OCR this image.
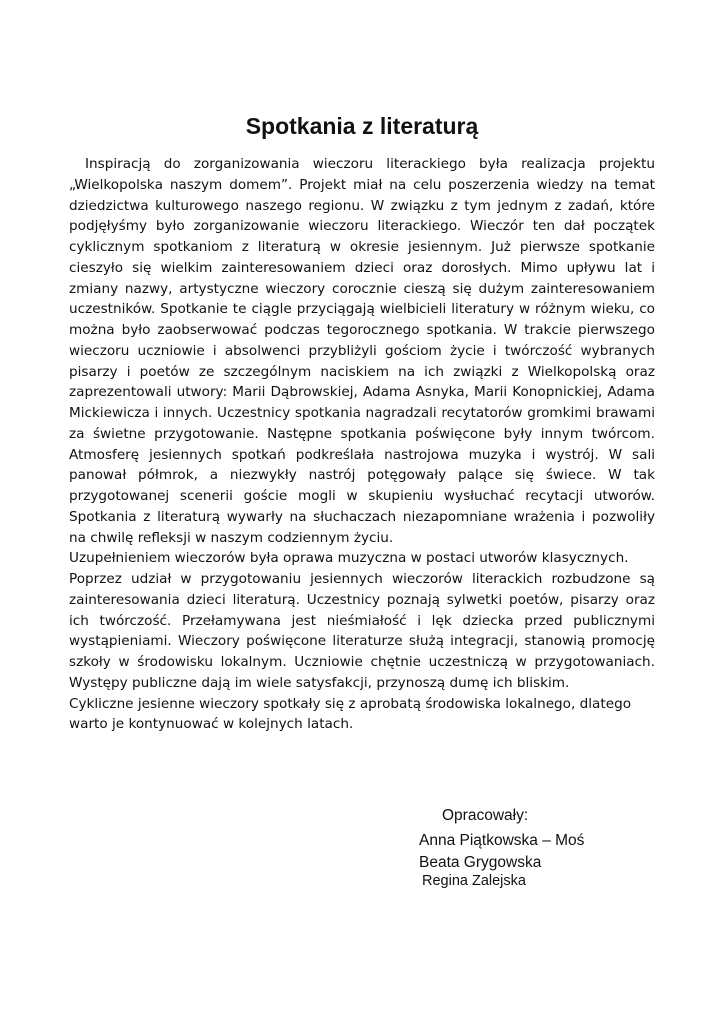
Spotkania z literaturą

Inspiracją do zorganizowania wieczoru literackiego była realizacja projektu „Wielkopolska naszym domem”. Projekt miał na celu poszerzenia wiedzy na temat dziedzictwa kulturowego naszego regionu. W związku z tym jednym z zadań, które podjęłyśmy było zorganizowanie wieczoru literackiego. Wieczór ten dał początek cyklicznym spotkaniom z literaturą w okresie jesiennym. Już pierwsze spotkanie cieszyło się wielkim zainteresowaniem dzieci oraz dorosłych. Mimo upływu lat i zmiany nazwy, artystyczne wieczory corocznie cieszą się dużym zainteresowaniem uczestników. Spotkanie te ciągle przyciągają wielbicieli literatury w różnym wieku, co można było zaobserwować podczas tegorocznego spotkania. W trakcie pierwszego wieczoru uczniowie i absolwenci przybliżyli gościom życie i twórczość wybranych pisarzy i poetów ze szczególnym naciskiem na ich związki z Wielkopolską oraz zaprezentowali utwory: Marii Dąbrowskiej, Adama Asnyka, Marii Konopnickiej, Adama Mickiewicza i innych. Uczestnicy spotkania nagradzali recytatorów gromkimi brawami za świetne przygotowanie. Następne spotkania poświęcone były innym twórcom. Atmosferę jesiennych spotkań podkreślała nastrojowa muzyka i wystrój. W sali panował półmrok, a niezwykły nastrój potęgowały palące się świece. W tak przygotowanej scenerii goście mogli w skupieniu wysłuchać recytacji utworów. Spotkania z literaturą wywarły na słuchaczach niezapomniane wrażenia i pozwoliły na chwilę refleksji w naszym codziennym życiu.

Uzupełnieniem wieczorów była oprawa muzyczna w postaci utworów klasycznych.

Poprzez udział w przygotowaniu jesiennych wieczorów literackich rozbudzone są zainteresowania dzieci literaturą. Uczestnicy poznają sylwetki poetów, pisarzy oraz ich twórczość. Przełamywana jest nieśmiałość i lęk dziecka przed publicznymi wystąpieniami. Wieczory poświęcone literaturze służą integracji, stanowią promocję szkoły w środowisku lokalnym. Uczniowie chętnie uczestniczą w przygotowaniach. Występy publiczne dają im wiele satysfakcji, przynoszą dumę ich bliskim.

Cykliczne jesienne wieczory spotkały się z aprobatą środowiska lokalnego, dlatego warto je kontynuować w kolejnych latach.

Opracowały:
Anna Piątkowska – Moś
Beata Grygowska
Regina Zalejska
